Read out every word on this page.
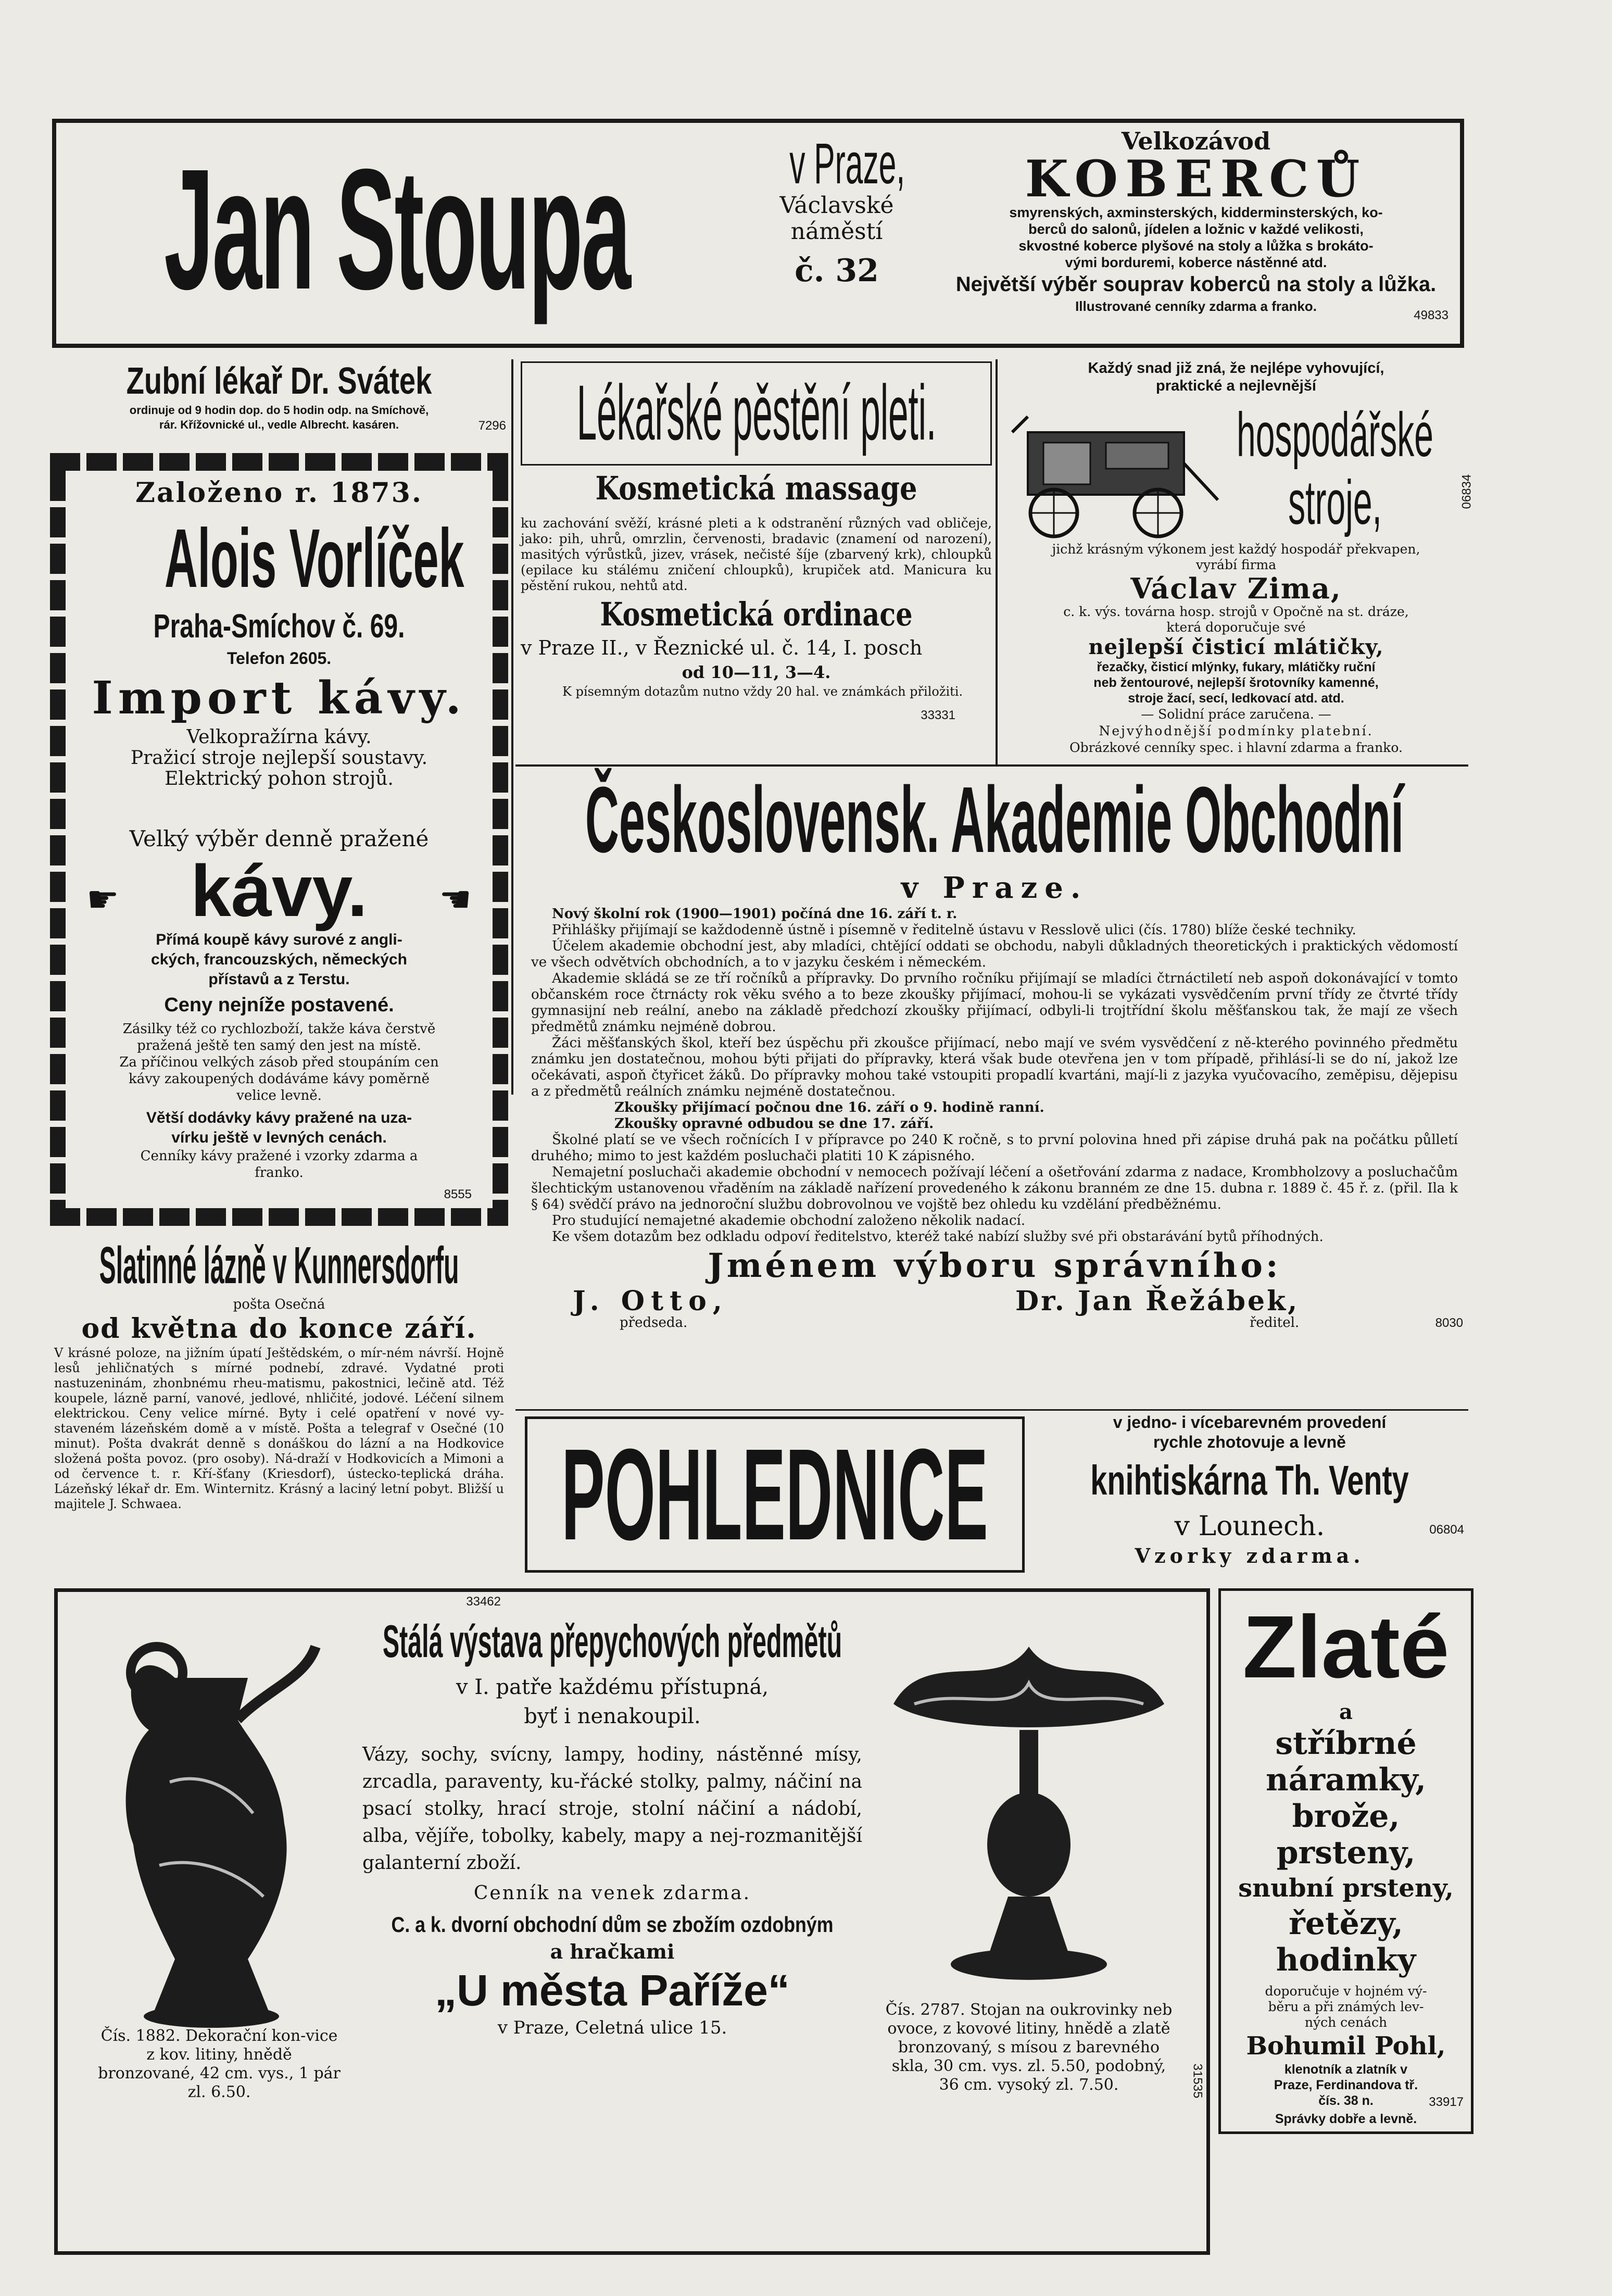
Jan Stoupa	v Praze,
Václavské
náměstí
č. 32
Velkozávod
KOBERCŮ
smyrenských, axminsterských, kidderminsterských, ko-
berců do salonů, jídelen a ložnic v každé velikosti,
skvostné koberce plyšové na stoly a lůžka s brokáto-
vými borduremi, koberce nástěnné atd.
Největší výběr souprav koberců na stoly a lůžka.
Illustrované cenníky zdarma a franko.
49833
Zubní lékař Dr. Svátek
ordinuje od 9 hodin dop. do 5 hodin odp. na Smíchově,
rár. Křížovnické ul., vedle Albrecht. kasáren.	7296
Založeno r. 1873.
Alois Vorlíček
Praha-Smíchov č. 69.
Telefon 2605.
Import kávy.
Velkopražírna kávy.
Pražicí stroje nejlepší soustavy.
Elektrický pohon strojů.
Velký výběr denně pražené
☛ kávy. ☚
Přímá koupě kávy surové z angli-
ckých, francouzských, německých
přístavů a z Terstu.
Ceny nejníže postavené.
Zásilky též co rychlozboží, takže káva čerstvě
pražená ještě ten samý den jest na místě.
Za příčinou velkých zásob před stoupáním cen
kávy zakoupených dodáváme kávy poměrně
velice levně.
Větší dodávky kávy pražené na uza-
vírku ještě v levných cenách.
Cenníky kávy pražené i vzorky zdarma a
franko.
8555
Slatinné lázně v Kunnersdorfu
pošta Osečná
od května do konce září.

V krásné poloze, na jižním úpatí Ještědském, o mír-ném návrší. Hojně lesů jehličnatých s mírné podnebí, zdravé. Vydatné proti nastuzeninám, zhonbnému rheu-matismu, pakostnici, lečině atd. Též koupele, lázně parní, vanové, jedlové, nhličité, jodové. Léčení silnem elektrickou. Ceny velice mírné. Byty i celé opatření v nové vy-staveném lázeňském domě a v místě. Pošta a telegraf v Osečné (10 minut). Pošta dvakrát denně s donáškou do lázní a na Hodkovice složená pošta povoz. (pro osoby). Ná-draží v Hodkovicích a Mimoni a od července t. r. Kří-šťany (Kriesdorf), ústecko-teplická dráha. Lázeňský lékař dr. Em. Winternitz. Krásný a laciný letní pobyt. Bližší u majitele J. Schwaea.

33462
Lékařské pěstění pleti.
Kosmetická massage

ku zachování svěží, krásné pleti a k odstranění různých vad obličeje, jako: pih, uhrů, omrzlin, červenosti, bradavic (znamení od narození), masitých výrůstků, jizev, vrásek, nečisté šíje (zbarvený krk), chloupků (epilace ku stálému zničení chloupků), krupiček atd. Manicura ku pěstění rukou, nehtů atd.

Kosmetická ordinace
v Praze II., v Řeznické ul. č. 14, I. posch
od 10—11, 3—4.
33331

K písemným dotazům nutno vždy 20 hal. ve známkách přiložiti.

Každý snad již zná, že nejlépe vyhovující,
praktické a nejlevnější
hospodářské
stroje,	06834
jichž krásným výkonem jest každý hospodář překvapen,
vyrábí firma
Václav Zima,
c. k. výs. továrna hosp. strojů v Opočně na st. dráze,
která doporučuje své
nejlepší čisticí mlátičky,
řezačky, čisticí mlýnky, fukary, mlátičky ruční
neb žentourové, nejlepší šrotovníky kamenné,
stroje žací, secí, ledkovací atd. atd.
— Solidní práce zaručena. —
Nejvýhodnější podmínky platební.
Obrázkové cenníky spec. i hlavní zdarma a franko.
Československ. Akademie Obchodní
v Praze.

Nový školní rok (1900—1901) počíná dne 16. září t. r.

Přihlášky přijímají se každodenně ústně i písemně v ředitelně ústavu v Resslově ulici (čís. 1780) blíže české techniky.

Účelem akademie obchodní jest, aby mladíci, chtějící oddati se obchodu, nabyli důkladných theoretických i praktických vědomostí ve všech odvětvích obchodních, a to v jazyku českém i německém.

Akademie skládá se ze tří ročníků a přípravky. Do prvního ročníku přijímají se mladíci čtrnáctiletí neb aspoň dokonávající v tomto občanském roce čtrnácty rok věku svého a to beze zkoušky přijímací, mohou-li se vykázati vysvědčením první třídy ze čtvrté třídy gymnasijní neb reální, anebo na základě předchozí zkoušky přijímací, odbyli-li trojtřídní školu měšťanskou tak, že mají ze všech předmětů známku nejméně dobrou.

Žáci měšťanských škol, kteří bez úspěchu při zkoušce přijímací, nebo mají ve svém vysvědčení z ně-kterého povinného předmětu známku jen dostatečnou, mohou býti přijati do přípravky, která však bude otevřena jen v tom případě, přihlásí-li se do ní, jakož lze očekávati, aspoň čtyřicet žáků. Do přípravky mohou také vstoupiti propadlí kvartáni, mají-li z jazyka vyučovacího, zeměpisu, dějepisu a z předmětů reálních známku nejméně dostatečnou.

Zkoušky přijímací počnou dne 16. září o 9. hodině ranní.

Zkoušky opravné odbudou se dne 17. září.

Školné platí se ve všech ročnících I v přípravce po 240 K ročně, s to první polovina hned při zápise druhá pak na počátku půlletí druhého; mimo to jest každém posluchači platiti 10 K zápisného.

Nemajetní posluchači akademie obchodní v nemocech požívají léčení a ošetřování zdarma z nadace, Krombholzovy a posluchačům šlechtickým ustanovenou vřaděním na základě nařízení provedeného k zákonu branném ze dne 15. dubna r. 1889 č. 45 ř. z. (přil. Ila k § 64) svědčí právo na jednoroční službu dobrovolnou ve vojště bez ohledu ku vzdělání předběžnému.

Pro studující nemajetné akademie obchodní založeno několik nadací.

Ke všem dotazům bez odkladu odpoví ředitelstvo, kteréž také nabízí služby své při obstarávání bytů příhodných.

Jménem výboru správního:
J. Otto,
předseda.
Dr. Jan Řežábek,
ředitel.	8030
POHLEDNICE	v jedno- i vícebarevném provedení
rychle zhotovuje a levně
knihtiskárna Th. Venty
v Lounech.
Vzorky zdarma.
06804

Čís. 1882. Dekorační kon-vice z kov. litiny, hnědě bronzované, 42 cm. vys., 1 pár zl. 6.50.

Stálá výstava přepychových předmětů
v I. patře každému přístupná,
byť i nenakoupil.

Vázy, sochy, svícny, lampy, hodiny, nástěnné mísy, zrcadla, paraventy, ku-řácké stolky, palmy, náčiní na psací stolky, hrací stroje, stolní náčiní a nádobí, alba, vějíře, tobolky, kabely, mapy a nej-rozmanitější galanterní zboží.

Cenník na venek zdarma.
C. a k. dvorní obchodní dům se zbožím ozdobným
a hračkami
„U města Paříže“
v Praze, Celetná ulice 15.

Čís. 2787. Stojan na oukrovinky neb ovoce, z kovové litiny, hnědě a zlatě bronzovaný, s mísou z barevného skla, 30 cm. vys. zl. 5.50, podobný, 36 cm. vysoký zl. 7.50.	31535
Zlaté
a
stříbrné
náramky,
brože,
prsteny,
snubní prsteny,
řetězy,
hodinky
doporučuje v hojném vý-
běru a při známých lev-
ných cenách
Bohumil Pohl,
klenotník a zlatník v
Praze, Ferdinandova tř.
čís. 38 n.	33917
Správky dobře a levně.
